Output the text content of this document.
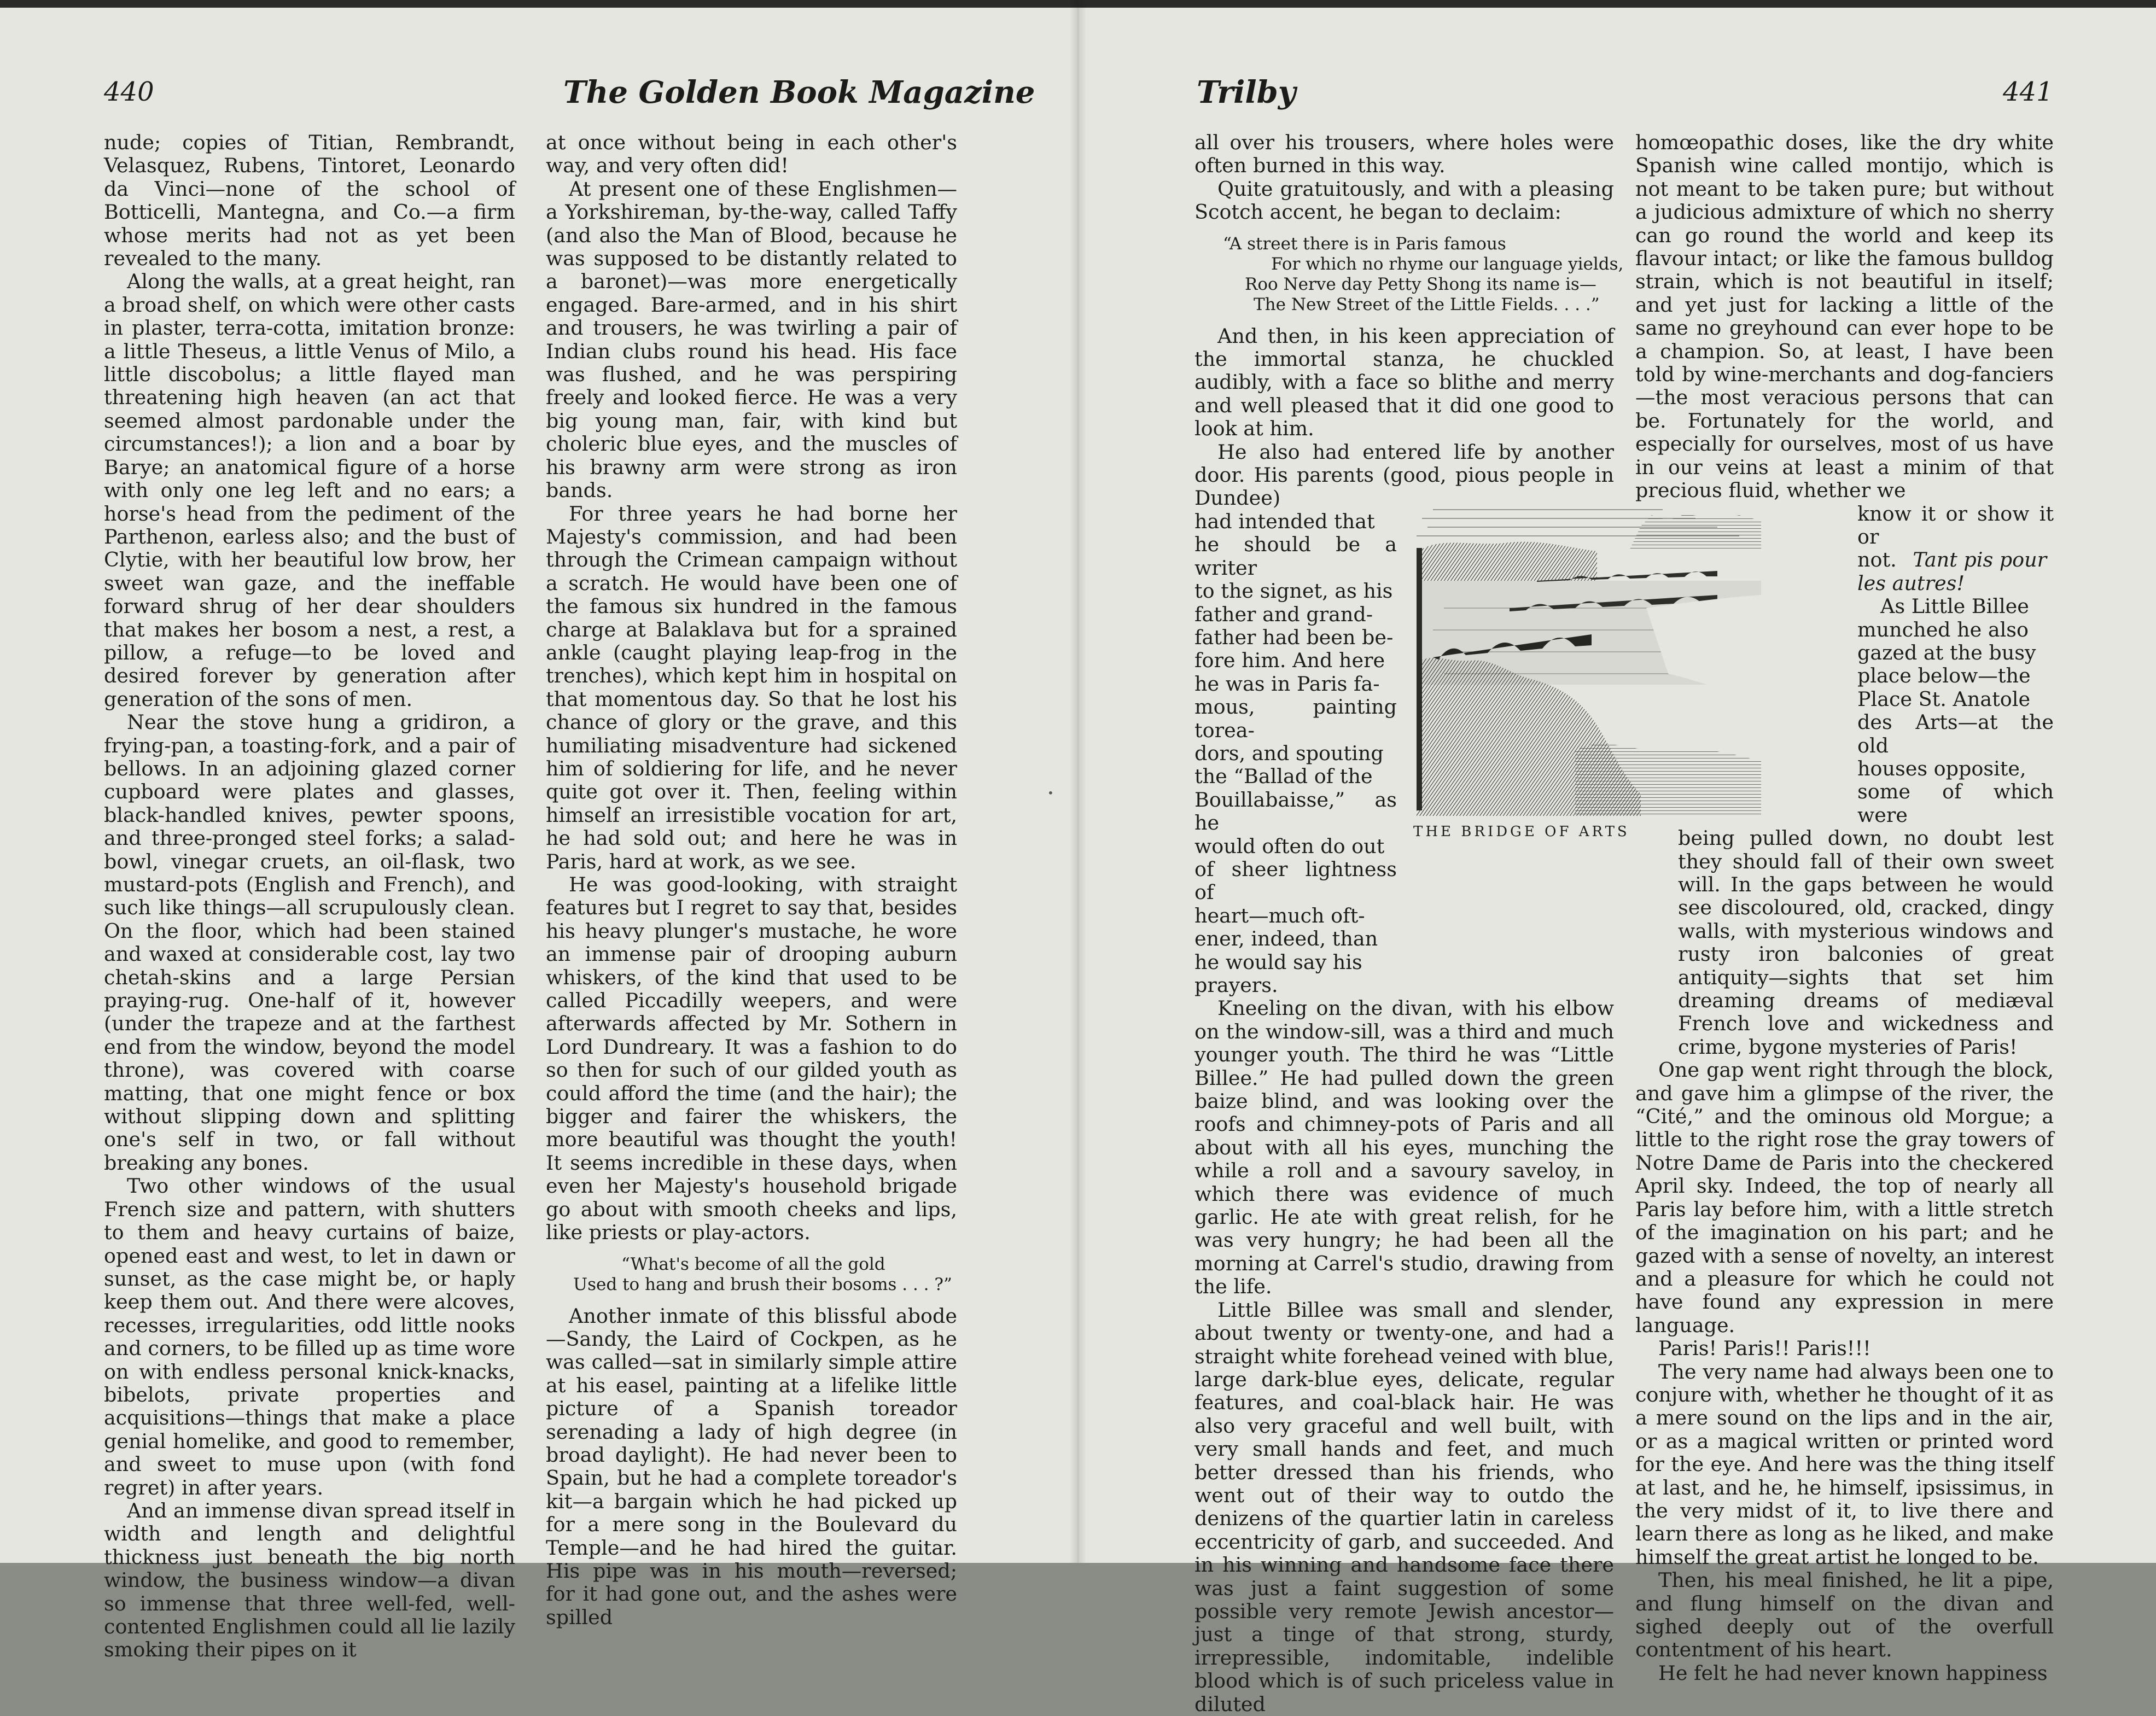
440	The Golden Book Magazine

nude; copies of Titian, Rembrandt, Velasquez, Rubens, Tintoret, Leonardo da Vinci—none of the school of Botticelli, Mantegna, and Co.—a firm whose merits had not as yet been revealed to the many.

Along the walls, at a great height, ran a broad shelf, on which were other casts in plaster, terra-cotta, imitation bronze: a little Theseus, a little Venus of Milo, a little discobolus; a little flayed man threatening high heaven (an act that seemed almost pardonable under the circumstances!); a lion and a boar by Barye; an anatomical figure of a horse with only one leg left and no ears; a horse's head from the pediment of the Parthenon, earless also; and the bust of Clytie, with her beautiful low brow, her sweet wan gaze, and the ineffable forward shrug of her dear shoulders that makes her bosom a nest, a rest, a pillow, a refuge—to be loved and desired forever by generation after generation of the sons of men.

Near the stove hung a gridiron, a frying-pan, a toasting-fork, and a pair of bellows. In an adjoining glazed corner cupboard were plates and glasses, black-handled knives, pewter spoons, and three-pronged steel forks; a salad-bowl, vinegar cruets, an oil-flask, two mustard-pots (English and French), and such like things—all scrupulously clean. On the floor, which had been stained and waxed at considerable cost, lay two chetah-skins and a large Persian praying-rug. One-half of it, however (under the trapeze and at the farthest end from the window, beyond the model throne), was covered with coarse matting, that one might fence or box without slipping down and splitting one's self in two, or fall without breaking any bones.

Two other windows of the usual French size and pattern, with shutters to them and heavy curtains of baize, opened east and west, to let in dawn or sunset, as the case might be, or haply keep them out. And there were alcoves, recesses, irregularities, odd little nooks and corners, to be filled up as time wore on with endless personal knick-knacks, bibelots, private properties and acquisitions—things that make a place genial homelike, and good to remember, and sweet to muse upon (with fond regret) in after years.

And an immense divan spread itself in width and length and delightful thickness just beneath the big north window, the business window—a divan so immense that three well-fed, well-contented Englishmen could all lie lazily smoking their pipes on it

at once without being in each other's way, and very often did!

At present one of these Englishmen—a Yorkshireman, by-the-way, called Taffy (and also the Man of Blood, because he was supposed to be distantly related to a baronet)—was more energetically engaged. Bare-armed, and in his shirt and trousers, he was twirling a pair of Indian clubs round his head. His face was flushed, and he was perspiring freely and looked fierce. He was a very big young man, fair, with kind but choleric blue eyes, and the muscles of his brawny arm were strong as iron bands.

For three years he had borne her Majesty's commission, and had been through the Crimean campaign without a scratch. He would have been one of the famous six hundred in the famous charge at Balaklava but for a sprained ankle (caught playing leap-frog in the trenches), which kept him in hospital on that momentous day. So that he lost his chance of glory or the grave, and this humiliating misadventure had sickened him of soldiering for life, and he never quite got over it. Then, feeling within himself an irresistible vocation for art, he had sold out; and here he was in Paris, hard at work, as we see.

He was good-looking, with straight features but I regret to say that, besides his heavy plunger's mustache, he wore an immense pair of drooping auburn whiskers, of the kind that used to be called Piccadilly weepers, and were afterwards affected by Mr. Sothern in Lord Dundreary. It was a fashion to do so then for such of our gilded youth as could afford the time (and the hair); the bigger and fairer the whiskers, the more beautiful was thought the youth! It seems incredible in these days, when even her Majesty's household brigade go about with smooth cheeks and lips, like priests or play-actors.

“What's become of all the gold
Used to hang and brush their bosoms . . . ?”

Another inmate of this blissful abode—Sandy, the Laird of Cockpen, as he was called—sat in similarly simple attire at his easel, painting at a lifelike little picture of a Spanish toreador serenading a lady of high degree (in broad daylight). He had never been to Spain, but he had a complete toreador's kit—a bargain which he had picked up for a mere song in the Boulevard du Temple—and he had hired the guitar. His pipe was in his mouth—reversed; for it had gone out, and the ashes were spilled

•
Trilby	441

all over his trousers, where holes were often burned in this way.

Quite gratuitously, and with a pleasing Scotch accent, he began to declaim:

“A street there is in Paris famous
For which no rhyme our language yields,
Roo Nerve day Petty Shong its name is—
The New Street of the Little Fields. . . .”

And then, in his keen appreciation of the immortal stanza, he chuckled audibly, with a face so blithe and merry and well pleased that it did one good to look at him.

He also had entered life by another door. His parents (good, pious people in Dundee)

had intended that
he should be a writer
to the signet, as his
father and grand-
father had been be-
fore him. And here
he was in Paris fa-
mous, painting torea-
dors, and spouting
the “Ballad of the
Bouillabaisse,” as he
would often do out
of sheer lightness of
heart—much oft-
ener, indeed, than
he would say his

prayers.

Kneeling on the divan, with his elbow on the window-sill, was a third and much younger youth. The third he was “Little Billee.” He had pulled down the green baize blind, and was looking over the roofs and chimney-pots of Paris and all about with all his eyes, munching the while a roll and a savoury saveloy, in which there was evidence of much garlic. He ate with great relish, for he was very hungry; he had been all the morning at Carrel's studio, drawing from the life.

Little Billee was small and slender, about twenty or twenty-one, and had a straight white forehead veined with blue, large dark-blue eyes, delicate, regular features, and coal-black hair. He was also very graceful and well built, with very small hands and feet, and much better dressed than his friends, who went out of their way to outdo the denizens of the quartier latin in careless eccentricity of garb, and succeeded. And in his winning and handsome face there was just a faint suggestion of some possible very remote Jewish ancestor—just a tinge of that strong, sturdy, irrepressible, indomitable, indelible blood which is of such priceless value in diluted

THE BRIDGE OF ARTS

homœopathic doses, like the dry white Spanish wine called montijo, which is not meant to be taken pure; but without a judicious admixture of which no sherry can go round the world and keep its flavour intact; or like the famous bulldog strain, which is not beautiful in itself; and yet just for lacking a little of the same no greyhound can ever hope to be a champion. So, at least, I have been told by wine-merchants and dog-fanciers—the most veracious persons that can be. Fortunately for the world, and especially for ourselves, most of us have in our veins at least a minim of that precious fluid, whether we

know it or show it or
not. Tant pis pour
les autres!
As Little Billee
munched he also
gazed at the busy
place below—the
Place St. Anatole
des Arts—at the old
houses opposite,
some of which were

being pulled down, no doubt lest they should fall of their own sweet will. In the gaps between he would see discoloured, old, cracked, dingy walls, with mysterious windows and rusty iron balconies of great antiquity—sights that set him dreaming dreams of mediæval French love and wickedness and crime, bygone mysteries of Paris!

One gap went right through the block, and gave him a glimpse of the river, the “Cité,” and the ominous old Morgue; a little to the right rose the gray towers of Notre Dame de Paris into the checkered April sky. Indeed, the top of nearly all Paris lay before him, with a little stretch of the imagination on his part; and he gazed with a sense of novelty, an interest and a pleasure for which he could not have found any expression in mere language.

Paris! Paris!! Paris!!!

The very name had always been one to conjure with, whether he thought of it as a mere sound on the lips and in the air, or as a magical written or printed word for the eye. And here was the thing itself at last, and he, he himself, ipsissimus, in the very midst of it, to live there and learn there as long as he liked, and make himself the great artist he longed to be.

Then, his meal finished, he lit a pipe, and flung himself on the divan and sighed deeply out of the overfull contentment of his heart.

He felt he had never known happiness
